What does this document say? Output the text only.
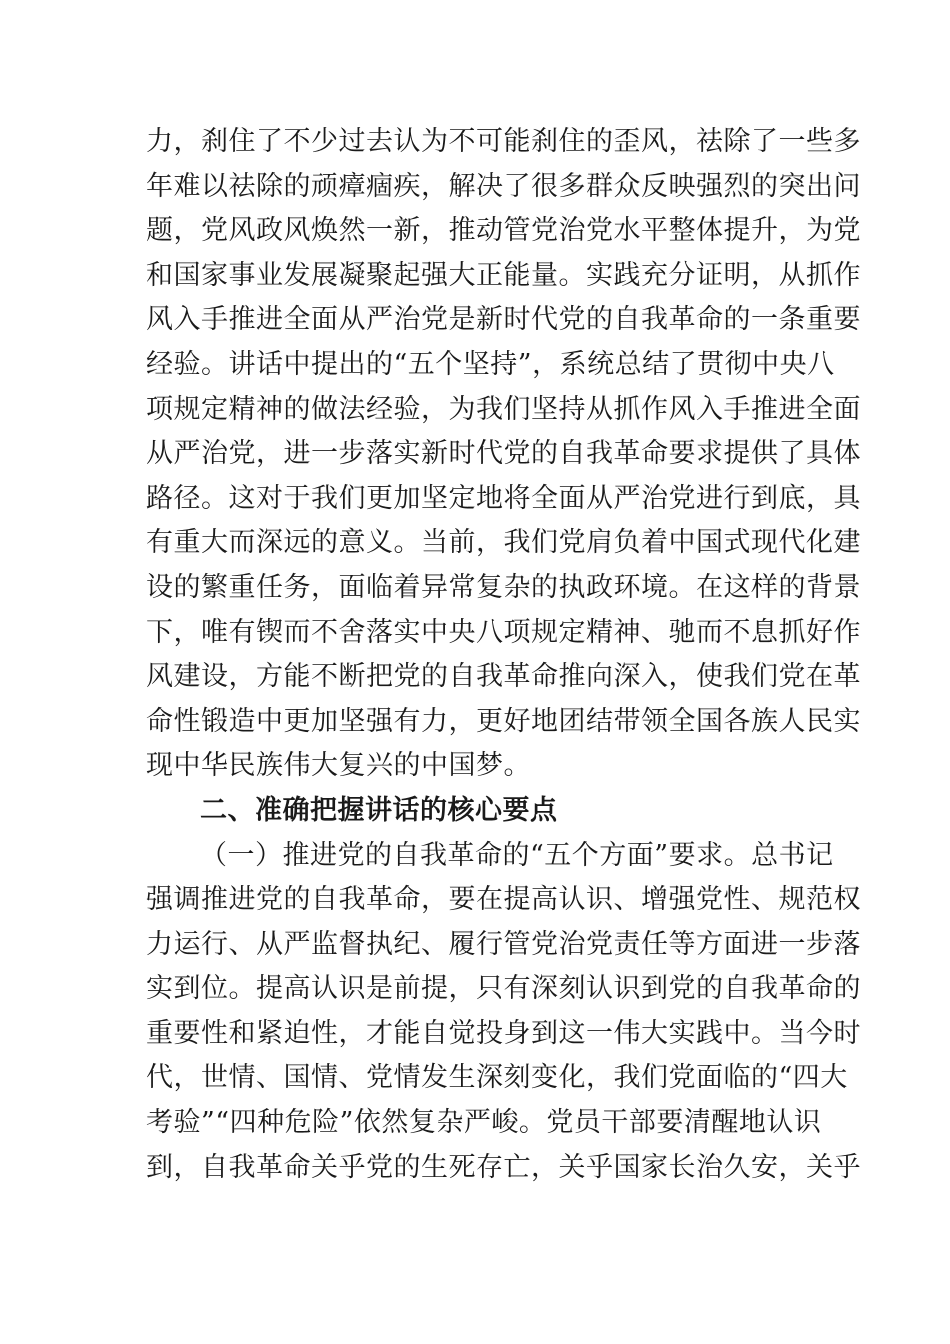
力，刹住了不少过去认为不可能刹住的歪风，祛除了一些多
年难以祛除的顽瘴痼疾，解决了很多群众反映强烈的突出问
题，党风政风焕然一新，推动管党治党水平整体提升，为党
和国家事业发展凝聚起强大正能量。实践充分证明，从抓作
风入手推进全面从严治党是新时代党的自我革命的一条重要
经验。讲话中提出的“五个坚持”，系统总结了贯彻中央八
项规定精神的做法经验，为我们坚持从抓作风入手推进全面
从严治党，进一步落实新时代党的自我革命要求提供了具体
路径。这对于我们更加坚定地将全面从严治党进行到底，具
有重大而深远的意义。当前，我们党肩负着中国式现代化建
设的繁重任务，面临着异常复杂的执政环境。在这样的背景
下，唯有锲而不舍落实中央八项规定精神、驰而不息抓好作
风建设，方能不断把党的自我革命推向深入，使我们党在革
命性锻造中更加坚强有力，更好地团结带领全国各族人民实
现中华民族伟大复兴的中国梦。
二、准确把握讲话的核心要点
（一）推进党的自我革命的“五个方面”要求。总书记
强调推进党的自我革命，要在提高认识、增强党性、规范权
力运行、从严监督执纪、履行管党治党责任等方面进一步落
实到位。提高认识是前提，只有深刻认识到党的自我革命的
重要性和紧迫性，才能自觉投身到这一伟大实践中。当今时
代，世情、国情、党情发生深刻变化，我们党面临的“四大
考验”“四种危险”依然复杂严峻。党员干部要清醒地认识
到，自我革命关乎党的生死存亡，关乎国家长治久安，关乎
